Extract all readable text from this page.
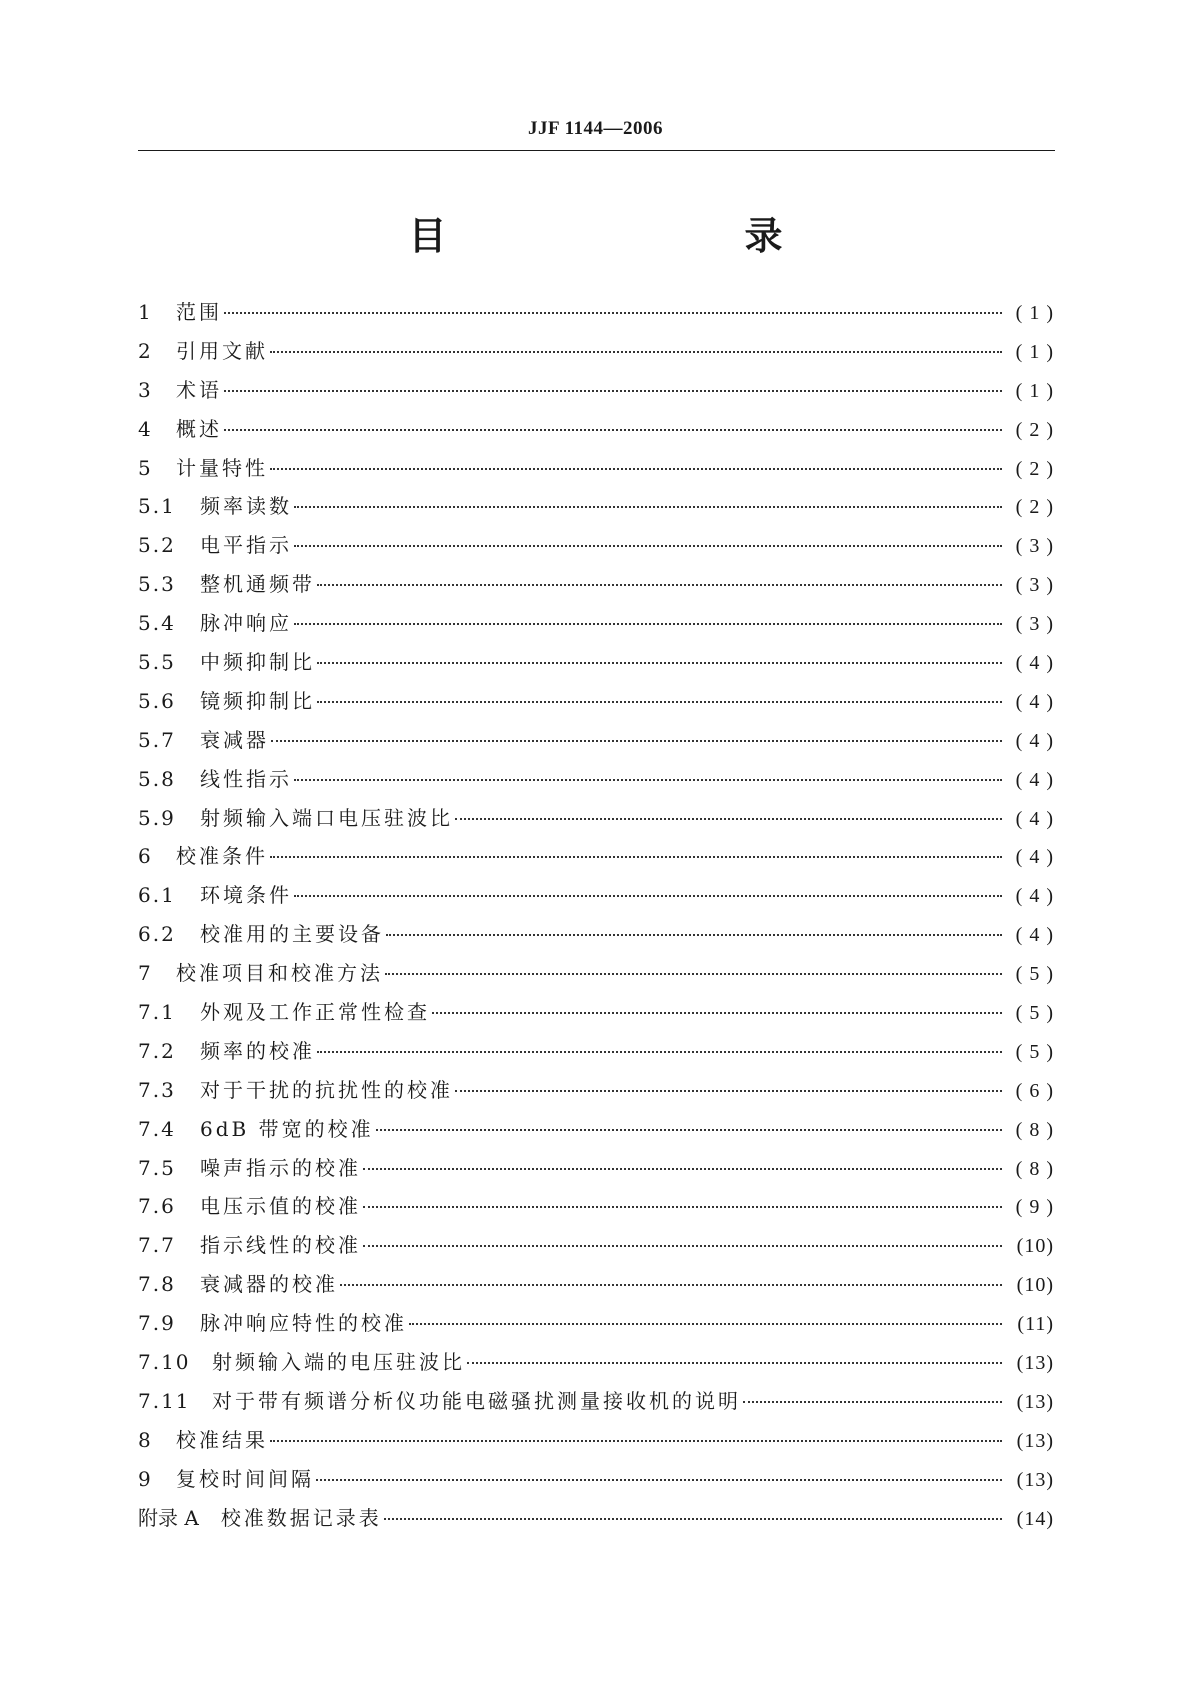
JJF 1144—2006
目　　录
1	范围	( 1 )
2	引用文献	( 1 )
3	术语	( 1 )
4	概述	( 2 )
5	计量特性	( 2 )
5.1	频率读数	( 2 )
5.2	电平指示	( 3 )
5.3	整机通频带	( 3 )
5.4	脉冲响应	( 3 )
5.5	中频抑制比	( 4 )
5.6	镜频抑制比	( 4 )
5.7	衰减器	( 4 )
5.8	线性指示	( 4 )
5.9	射频输入端口电压驻波比	( 4 )
6	校准条件	( 4 )
6.1	环境条件	( 4 )
6.2	校准用的主要设备	( 4 )
7	校准项目和校准方法	( 5 )
7.1	外观及工作正常性检查	( 5 )
7.2	频率的校准	( 5 )
7.3	对于干扰的抗扰性的校准	( 6 )
7.4	6dB 带宽的校准	( 8 )
7.5	噪声指示的校准	( 8 )
7.6	电压示值的校准	( 9 )
7.7	指示线性的校准	(10)
7.8	衰减器的校准	(10)
7.9	脉冲响应特性的校准	(11)
7.10	射频输入端的电压驻波比	(13)
7.11	对于带有频谱分析仪功能电磁骚扰测量接收机的说明	(13)
8	校准结果	(13)
9	复校时间间隔	(13)
附录 A 校准数据记录表	(14)
